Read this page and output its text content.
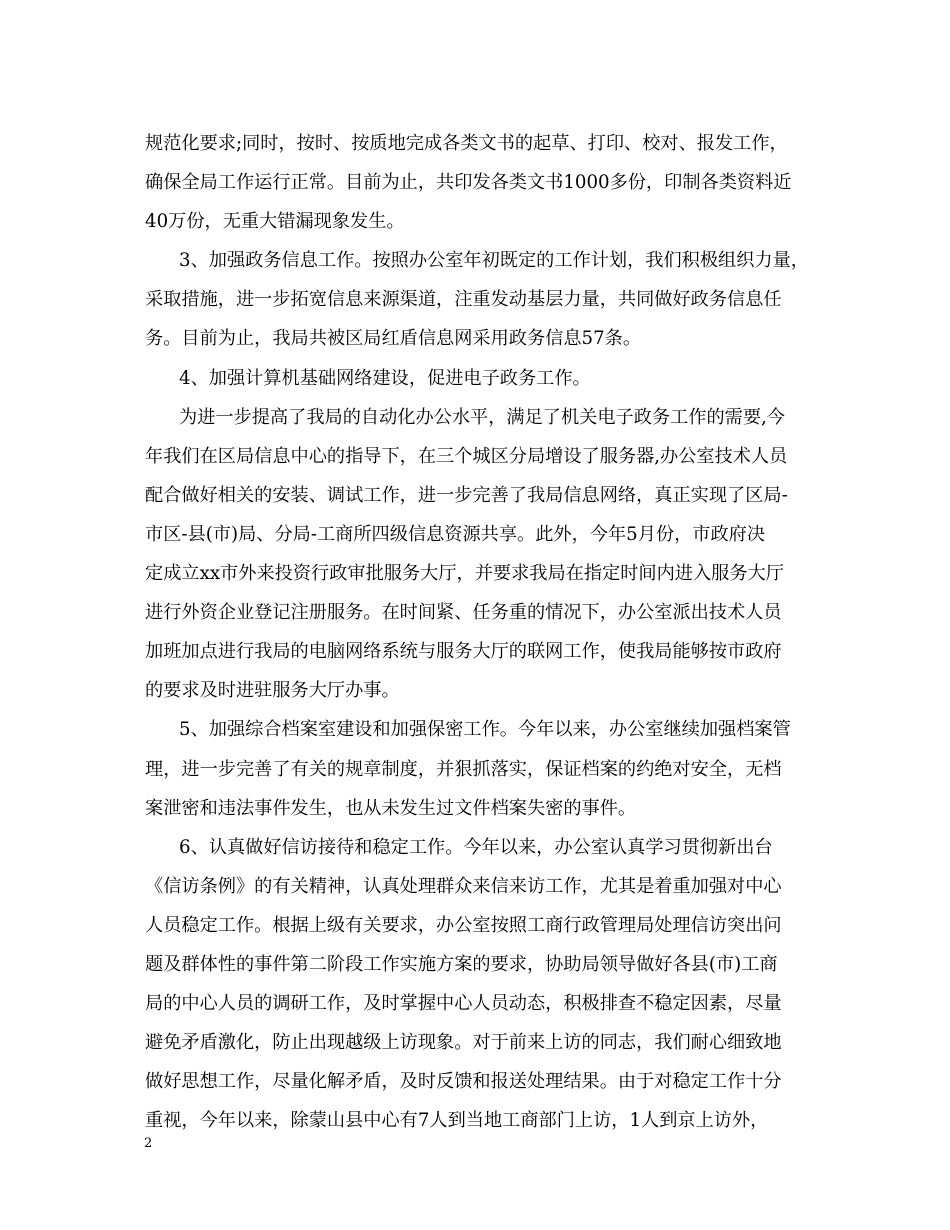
规范化要求;同时，按时、按质地完成各类文书的起草、打印、校对、报发工作，
确保全局工作运行正常。目前为止，共印发各类文书1000多份，印制各类资料近
40万份，无重大错漏现象发生。
3、加强政务信息工作。按照办公室年初既定的工作计划，我们积极组织力量，
采取措施，进一步拓宽信息来源渠道，注重发动基层力量，共同做好政务信息任
务。目前为止，我局共被区局红盾信息网采用政务信息57条。
4、加强计算机基础网络建设，促进电子政务工作。
为进一步提高了我局的自动化办公水平，满足了机关电子政务工作的需要,今
年我们在区局信息中心的指导下，在三个城区分局增设了服务器,办公室技术人员
配合做好相关的安装、调试工作，进一步完善了我局信息网络，真正实现了区局-
市区-县(市)局、分局-工商所四级信息资源共享。此外，今年5月份，市政府决
定成立xx市外来投资行政审批服务大厅，并要求我局在指定时间内进入服务大厅
进行外资企业登记注册服务。在时间紧、任务重的情况下，办公室派出技术人员
加班加点进行我局的电脑网络系统与服务大厅的联网工作，使我局能够按市政府
的要求及时进驻服务大厅办事。
5、加强综合档案室建设和加强保密工作。今年以来，办公室继续加强档案管
理，进一步完善了有关的规章制度，并狠抓落实，保证档案的约绝对安全，无档
案泄密和违法事件发生，也从未发生过文件档案失密的事件。
6、认真做好信访接待和稳定工作。今年以来，办公室认真学习贯彻新出台
《信访条例》的有关精神，认真处理群众来信来访工作，尤其是着重加强对中心
人员稳定工作。根据上级有关要求，办公室按照工商行政管理局处理信访突出问
题及群体性的事件第二阶段工作实施方案的要求，协助局领导做好各县(市)工商
局的中心人员的调研工作，及时掌握中心人员动态，积极排查不稳定因素，尽量
避免矛盾激化，防止出现越级上访现象。对于前来上访的同志，我们耐心细致地
做好思想工作，尽量化解矛盾，及时反馈和报送处理结果。由于对稳定工作十分
重视，今年以来，除蒙山县中心有7人到当地工商部门上访，1人到京上访外，
2
